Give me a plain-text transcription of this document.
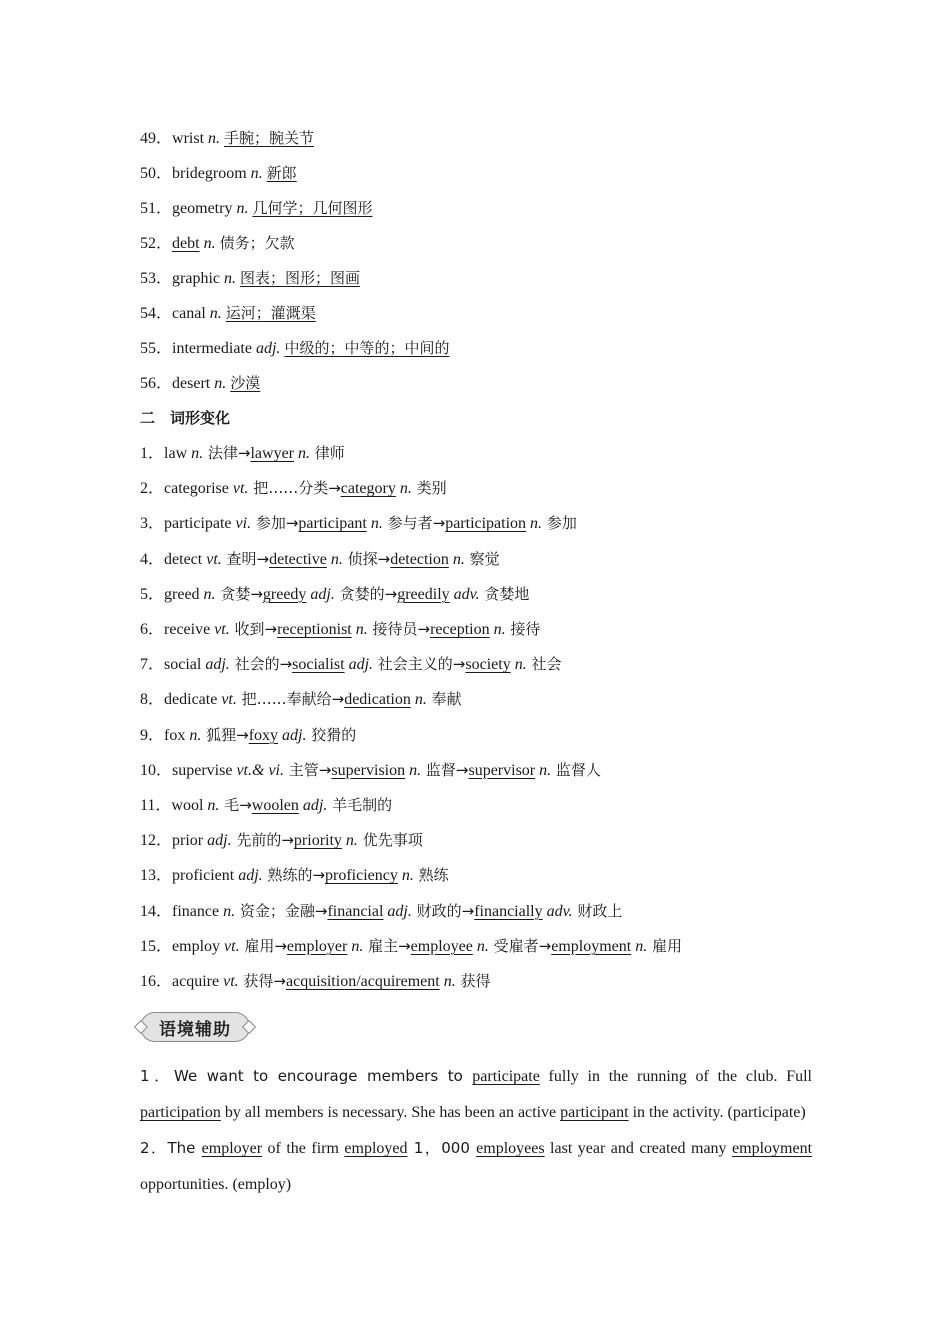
49．wrist n. 手腕；腕关节
50．bridegroom n. 新郎
51．geometry n. 几何学；几何图形
52．debt n. 债务；欠款
53．graphic n. 图表；图形；图画
54．canal n. 运河；灌溉渠
55．intermediate adj. 中级的；中等的；中间的
56．desert n. 沙漠
二　词形变化
1．law n. 法律→lawyer n. 律师
2．categorise vt. 把……分类→category n. 类别
3．participate vi. 参加→participant n. 参与者→participation n. 参加
4．detect vt. 查明→detective n. 侦探→detection n. 察觉
5．greed n. 贪婪→greedy adj. 贪婪的→greedily adv. 贪婪地
6．receive vt. 收到→receptionist n. 接待员→reception n. 接待
7．social adj. 社会的→socialist adj. 社会主义的→society n. 社会
8．dedicate vt. 把……奉献给→dedication n. 奉献
9．fox n. 狐狸→foxy adj. 狡猾的
10．supervise vt.& vi. 主管→supervision n. 监督→supervisor n. 监督人
11．wool n. 毛→woolen adj. 羊毛制的
12．prior adj. 先前的→priority n. 优先事项
13．proficient adj. 熟练的→proficiency n. 熟练
14．finance n. 资金；金融→financial adj. 财政的→financially adv. 财政上
15．employ vt. 雇用→employer n. 雇主→employee n. 受雇者→employment n. 雇用
16．acquire vt. 获得→acquisition/acquirement n. 获得
语境辅助
1．We want to encourage members to participate fully in the running of the club. Full participation by all members is necessary. She has been an active participant in the activity. (participate)
2．The employer of the firm employed 1，000 employees last year and created many employment opportunities. (employ)
